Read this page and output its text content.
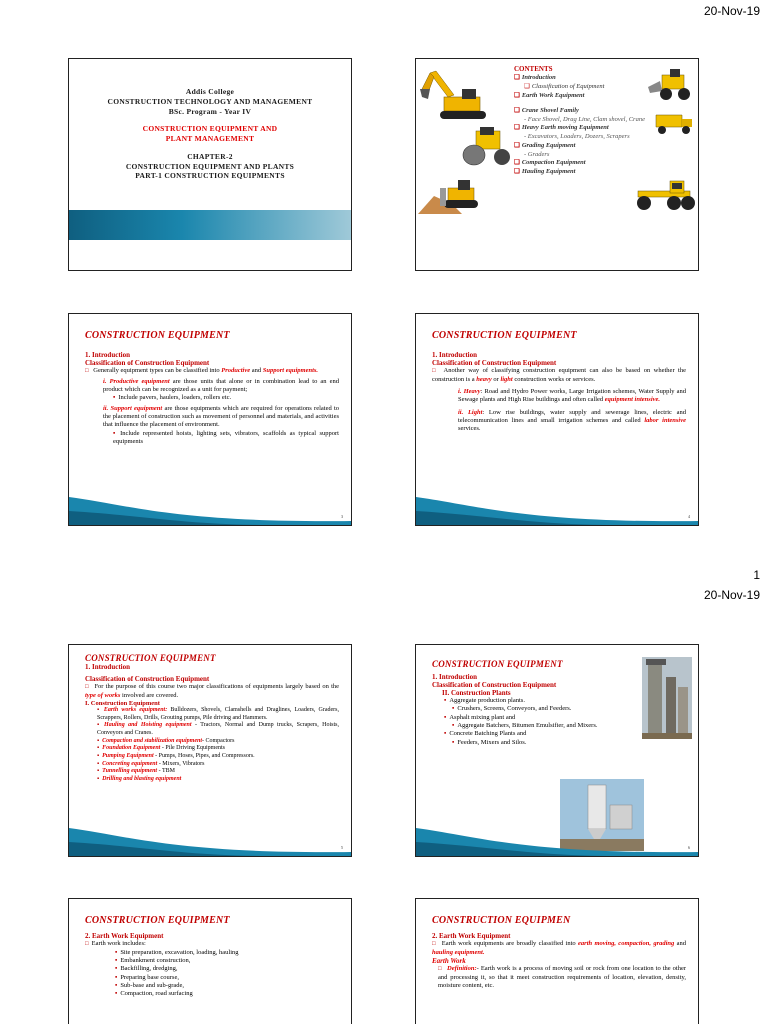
20-Nov-19
1
20-Nov-19
Addis College
CONSTRUCTION TECHNOLOGY AND MANAGEMENT
BSc. Program - Year IV
CONSTRUCTION EQUIPMENT AND
PLANT MANAGEMENT
CHAPTER-2
CONSTRUCTION EQUIPMENT AND PLANTS
PART-1 CONSTRUCTION EQUIPMENTS
CONTENTS
❑ Introduction
❑ Classification of Equipment
❑ Earth Work Equipment
❑ Crane Shovel Family
- Face Shovel, Drag Line, Clam shovel, Crane
❑ Heavy Earth moving Equipment
- Excavators, Loaders, Dozers, Scrapers
❑ Grading Equipment
- Graders
❑ Compaction Equipment
❑ Hauling Equipment
CONSTRUCTION EQUIPMENT
1. Introduction
Classification of Construction Equipment
□ Generally equipment types can be classified into Productive and Support equipments.
i. Productive equipment are those units that alone or in combination lead to an end product which can be recognized as a unit for payment;
▪ Include pavers, haulers, loaders, rollers etc.
ii. Support equipment are those equipments which are required for operations related to the placement of construction such as movement of personnel and materials, and activities that influence the placement of environment.
▪ Include represented hoists, lighting sets, vibrators, scaffolds as typical support equipments
3
CONSTRUCTION EQUIPMENT
1. Introduction
Classification of Construction Equipment
□ Another way of classifying construction equipment can also be based on whether the construction is a heavy or light construction works or services.
i. Heavy: Road and Hydro Power works, Large Irrigation schemes, Water Supply and Sewage plants and High Rise buildings and often called equipment intensive.
ii. Light: Low rise buildings, water supply and sewerage lines, electric and telecommunication lines and small irrigation schemes and called labor intensive services.
4
CONSTRUCTION EQUIPMENT
1. Introduction
Classification of Construction Equipment
□ For the purpose of this course two major classifications of equipments largely based on the type of works involved are covered.
I. Construction Equipment
▪ Earth works equipment: Bulldozers, Shovels, Clamshells and Draglines, Loaders, Graders, Scrappers, Rollers, Drills, Grouting pumps, Pile driving and Hammers.
▪ Hauling and Hoisting equipment - Tractors, Normal and Dump trucks, Scrapers, Hoists, Conveyors and Cranes.
▪ Compaction and stabilization equipment- Compactors
▪ Foundation Equipment - Pile Driving Equipments
▪ Pumping Equipment - Pumps, Hoses, Pipes, and Compressors.
▪ Concreting equipment - Mixers, Vibrators
▪ Tunnelling equipment - TBM
▪ Drilling and blasting equipment
5
CONSTRUCTION EQUIPMENT
1. Introduction
Classification of Construction Equipment
II. Construction Plants
▪ Aggregate production plants.
▪ Crushers, Screens, Conveyors, and Feeders.
▪ Asphalt mixing plant and
▪ Aggregate Batchers, Bitumen Emulsifier, and Mixers.
▪ Concrete Batching Plants and
▪ Feeders, Mixers and Silos.
6
CONSTRUCTION EQUIPMENT
2. Earth Work Equipment
□ Earth work includes:
▪ Site preparation, excavation, loading, hauling
▪ Embankment construction,
▪ Backfilling, dredging,
▪ Preparing base course,
▪ Sub-base and sub-grade,
▪ Compaction, road surfacing
CONSTRUCTION EQUIPMEN
2. Earth Work Equipment
□ Earth work equipments are broadly classified into earth moving, compaction, grading and hauling equipment.
Earth Work
□ Definition:- Earth work is a process of moving soil or rock from one location to the other and processing it, so that it meet construction requirements of location, elevation, density, moisture content, etc.
